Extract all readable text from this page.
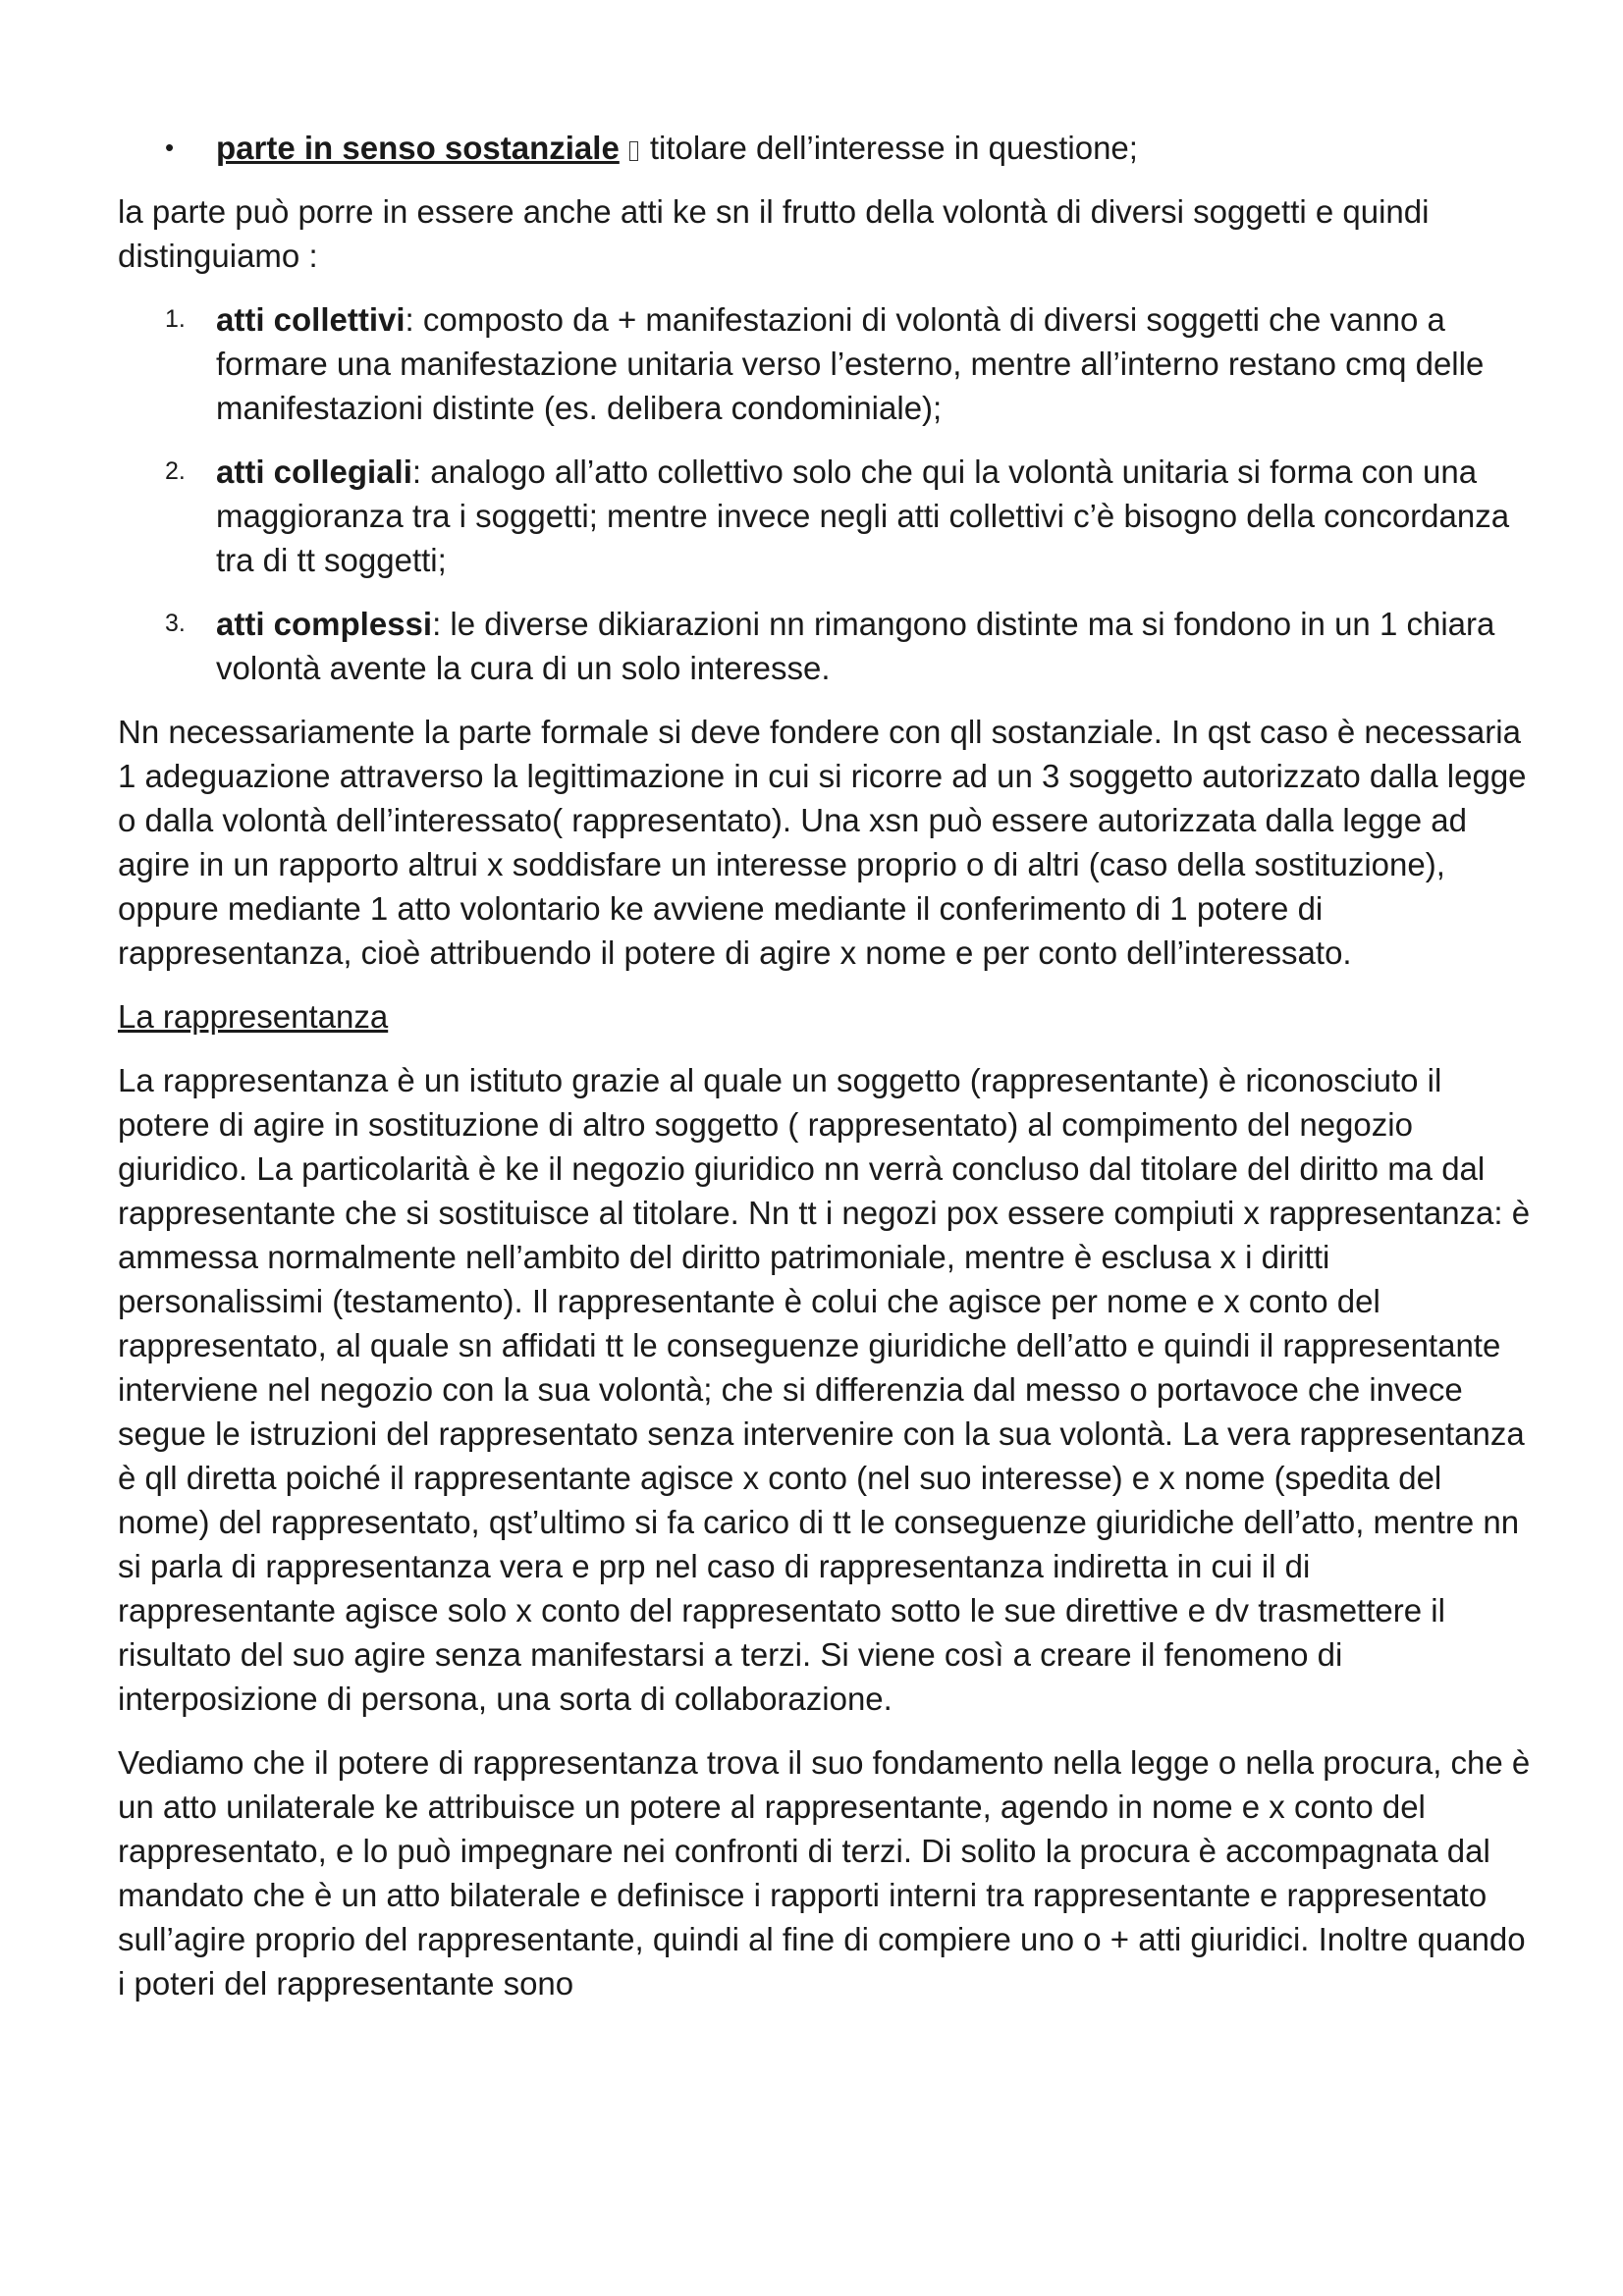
•	parte in senso sostanziale titolare dell’interesse in questione;

la parte può porre in essere anche atti ke sn il frutto della volontà di diversi soggetti e quindi distinguiamo :

1. atti collettivi: composto da + manifestazioni di volontà di diversi soggetti che vanno a formare una manifestazione unitaria verso l’esterno, mentre all’interno restano cmq delle manifestazioni distinte (es. delibera condominiale);
2. atti collegiali: analogo all’atto collettivo solo che qui la volontà unitaria si forma con una maggioranza tra i soggetti; mentre invece negli atti collettivi c’è bisogno della concordanza tra di tt soggetti;
3. atti complessi: le diverse dikiarazioni nn rimangono distinte ma si fondono in un 1 chiara volontà avente la cura di un solo interesse.

Nn necessariamente la parte formale si deve fondere con qll sostanziale. In qst caso è necessaria 1 adeguazione attraverso la legittimazione in cui si ricorre ad un 3 soggetto autorizzato dalla legge o dalla volontà dell’interessato( rappresentato). Una xsn può essere autorizzata dalla legge ad agire in un rapporto altrui x soddisfare un interesse proprio o di altri (caso della sostituzione), oppure mediante 1 atto volontario ke avviene mediante il conferimento di 1 potere di rappresentanza, cioè attribuendo il potere di agire x nome e per conto dell’interessato.

La rappresentanza

La rappresentanza è un istituto grazie al quale un soggetto (rappresentante) è riconosciuto il potere di agire in sostituzione di altro soggetto ( rappresentato) al compimento del negozio giuridico. La particolarità è ke il negozio giuridico nn verrà concluso dal titolare del diritto ma dal rappresentante che si sostituisce al titolare. Nn tt i negozi pox essere compiuti x rappresentanza: è ammessa normalmente nell’ambito del diritto patrimoniale, mentre è esclusa x i diritti personalissimi (testamento). Il rappresentante è colui che agisce per nome e x conto del rappresentato, al quale sn affidati tt le conseguenze giuridiche dell’atto e quindi il rappresentante interviene nel negozio con la sua volontà; che si differenzia dal messo o portavoce che invece segue le istruzioni del rappresentato senza intervenire con la sua volontà. La vera rappresentanza è qll diretta poiché il rappresentante agisce x conto (nel suo interesse) e x nome (spedita del nome) del rappresentato, qst’ultimo si fa carico di tt le conseguenze giuridiche dell’atto, mentre nn si parla di rappresentanza vera e prp nel caso di rappresentanza indiretta in cui il di rappresentante agisce solo x conto del rappresentato sotto le sue direttive e dv trasmettere il risultato del suo agire senza manifestarsi a terzi. Si viene così a creare il fenomeno di interposizione di persona, una sorta di collaborazione.

Vediamo che il potere di rappresentanza trova il suo fondamento nella legge o nella procura, che è un atto unilaterale ke attribuisce un potere al rappresentante, agendo in nome e x conto del rappresentato, e lo può impegnare nei confronti di terzi. Di solito la procura è accompagnata dal mandato che è un atto bilaterale e definisce i rapporti interni tra rappresentante e rappresentato sull’agire proprio del rappresentante, quindi al fine di compiere uno o + atti giuridici. Inoltre quando i poteri del rappresentante sono
